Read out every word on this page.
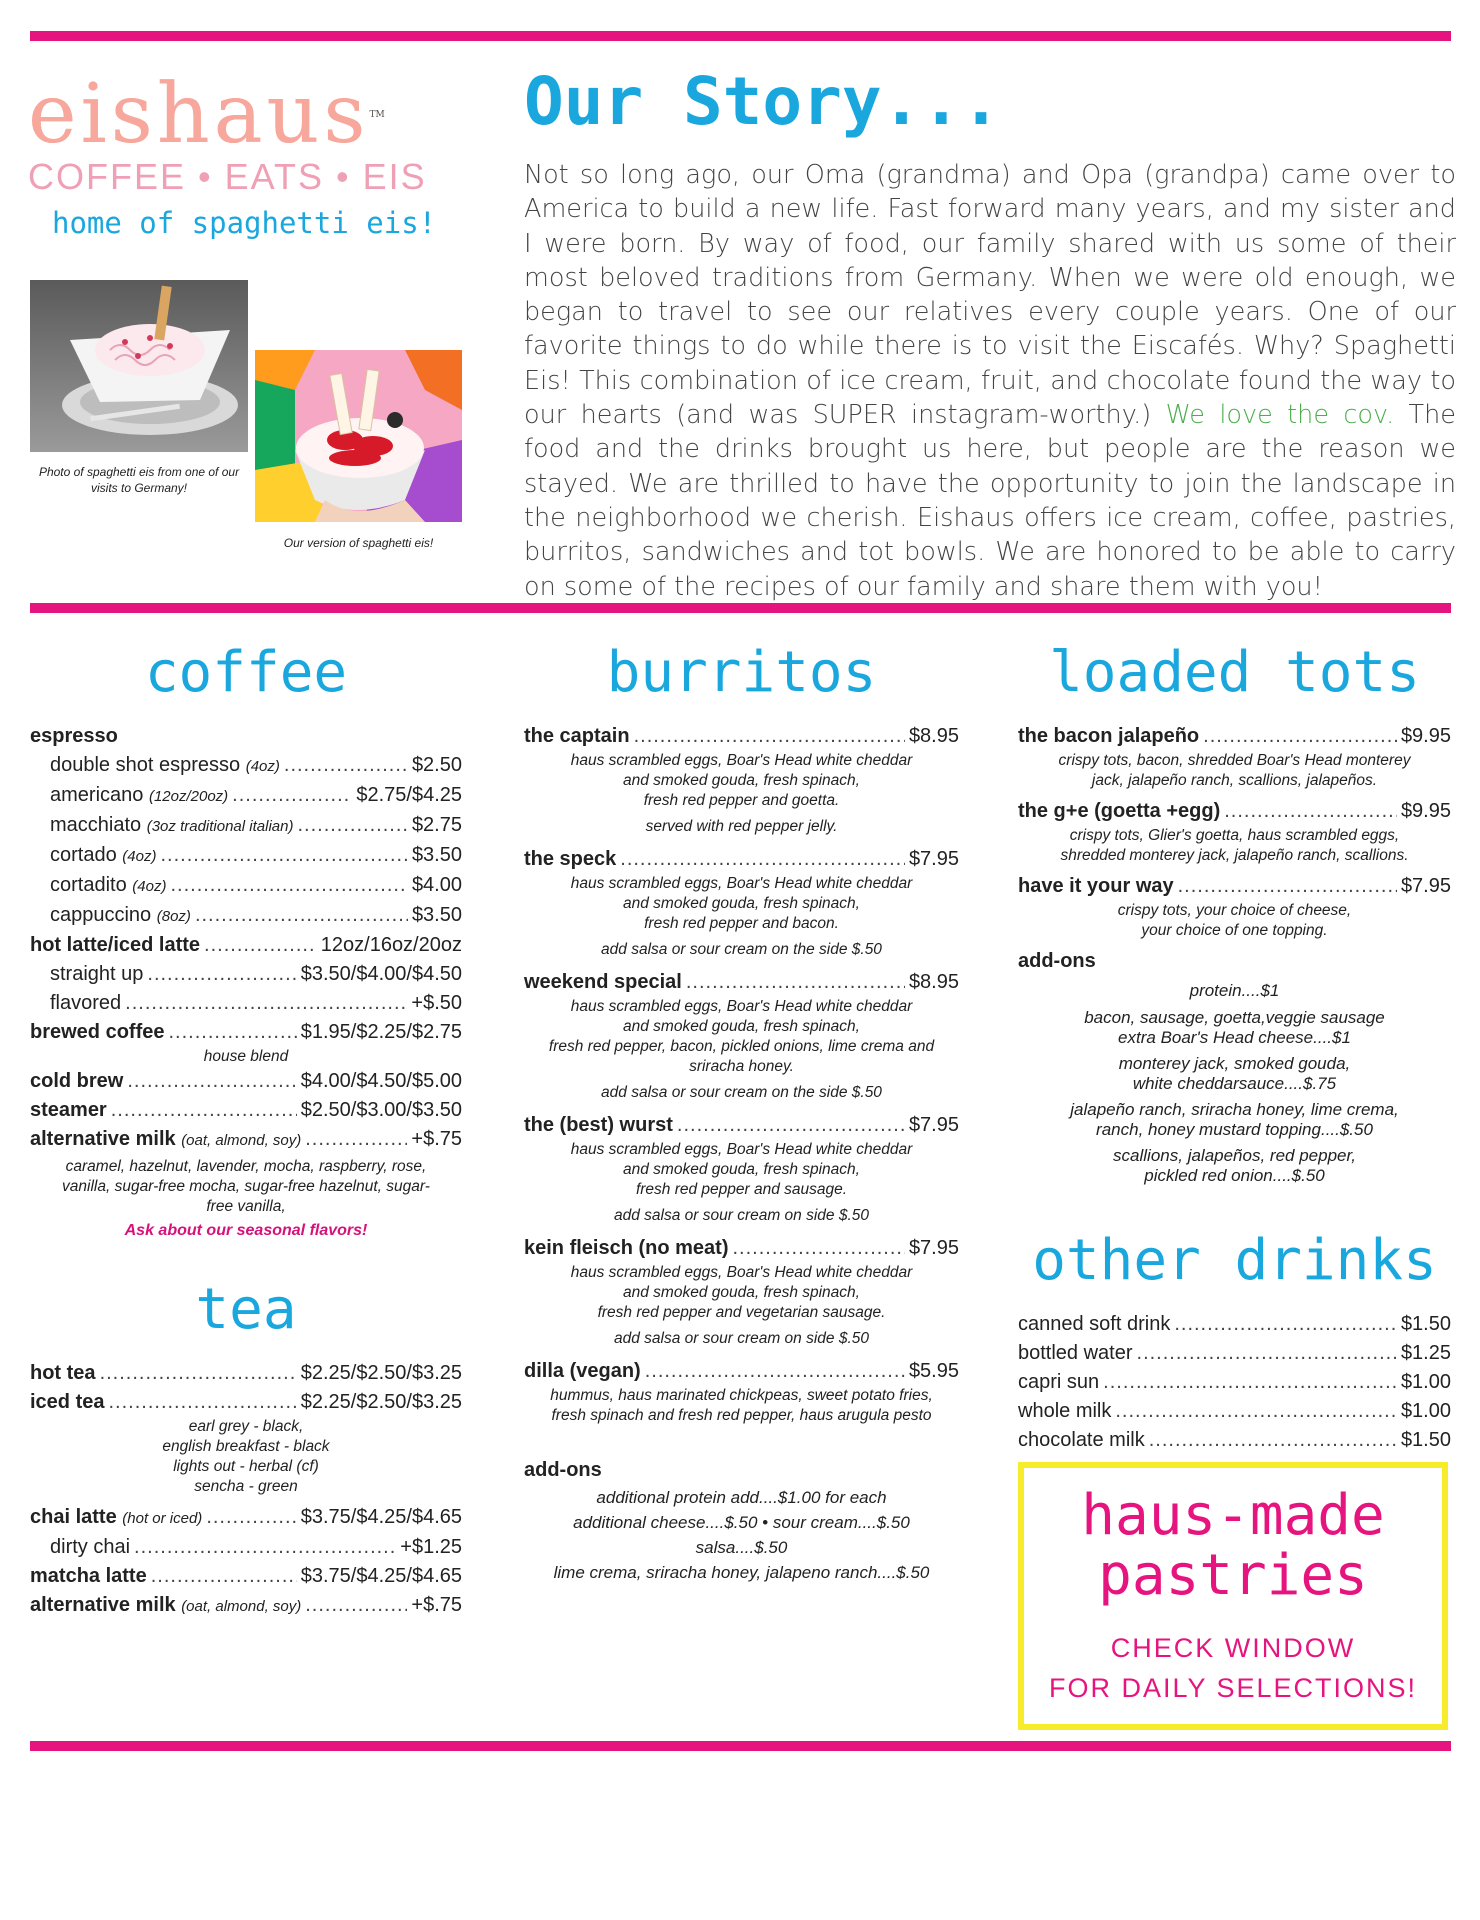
eishaus™
COFFEE • EATS • EIS
home of spaghetti eis!
Photo of spaghetti eis from one of our visits to Germany!
Our version of spaghetti eis!
Our Story...
Not so long ago, our Oma (grandma) and Opa (grandpa) came over to America to build a new life. Fast forward many years, and my sister and I were born. By way of food, our family shared with us some of their most beloved traditions from Germany. When we were old enough, we began to travel to see our relatives every couple years. One of our favorite things to do while there is to visit the Eiscafés. Why? Spaghetti Eis! This combination of ice cream, fruit, and chocolate found the way to our hearts (and was SUPER instagram-worthy.) We love the cov. The food and the drinks brought us here, but people are the reason we stayed. We are thrilled to have the opportunity to join the landscape in the neighborhood we cherish. Eishaus offers ice cream, coffee, pastries, burritos, sandwiches and tot bowls. We are honored to be able to carry on some of the recipes of our family and share them with you!
coffee
espresso
double shot espresso (4oz) .....	$2.50
americano (12oz/20oz) .....	$2.75/$4.25
macchiato (3oz traditional italian) .....	$2.75
cortado (4oz) .....	$3.50
cortadito (4oz) .....	$4.00
cappuccino (8oz) .....	$3.50
hot latte/iced latte .....	12oz/16oz/20oz
straight up .....	$3.50/$4.00/$4.50
flavored .....	+$.50
brewed coffee .....	$1.95/$2.25/$2.75
house blend
cold brew .....	$4.00/$4.50/$5.00
steamer .....	$2.50/$3.00/$3.50
alternative milk (oat, almond, soy) .....	+$.75
caramel, hazelnut, lavender, mocha, raspberry, rose, vanilla, sugar-free mocha, sugar-free hazelnut, sugar-free vanilla,
Ask about our seasonal flavors!
tea
hot tea .....	$2.25/$2.50/$3.25
iced tea .....	$2.25/$2.50/$3.25
earl grey - black,
english breakfast - black
lights out - herbal (cf)
sencha - green
chai latte (hot or iced) .....	$3.75/$4.25/$4.65
dirty chai .....	+$1.25
matcha latte .....	$3.75/$4.25/$4.65
alternative milk (oat, almond, soy) .....	+$.75
burritos
the captain .....	$8.95
haus scrambled eggs, Boar's Head white cheddar
and smoked gouda, fresh spinach,
fresh red pepper and goetta.
served with red pepper jelly.
the speck .....	$7.95
haus scrambled eggs, Boar's Head white cheddar
and smoked gouda, fresh spinach,
fresh red pepper and bacon.
add salsa or sour cream on the side $.50
weekend special .....	$8.95
haus scrambled eggs, Boar's Head white cheddar
and smoked gouda, fresh spinach,
fresh red pepper, bacon, pickled onions, lime crema and
sriracha honey.
add salsa or sour cream on the side $.50
the (best) wurst .....	$7.95
haus scrambled eggs, Boar's Head white cheddar
and smoked gouda, fresh spinach,
fresh red pepper and sausage.
add salsa or sour cream on side $.50
kein fleisch (no meat) .....	$7.95
haus scrambled eggs, Boar's Head white cheddar
and smoked gouda, fresh spinach,
fresh red pepper and vegetarian sausage.
add salsa or sour cream on side $.50
dilla (vegan) .....	$5.95
hummus, haus marinated chickpeas, sweet potato fries,
fresh spinach and fresh red pepper, haus arugula pesto
add-ons
additional protein add....$1.00 for each
additional cheese....$.50 • sour cream....$.50
salsa....$.50
lime crema, sriracha honey, jalapeno ranch....$.50
loaded tots
the bacon jalapeño .....	$9.95
crispy tots, bacon, shredded Boar's Head monterey
jack, jalapeño ranch, scallions, jalapeños.
the g+e (goetta +egg) .....	$9.95
crispy tots, Glier's goetta, haus scrambled eggs,
shredded monterey jack, jalapeño ranch, scallions.
have it your way .....	$7.95
crispy tots, your choice of cheese,
your choice of one topping.
add-ons
protein....$1
bacon, sausage, goetta,veggie sausage
extra Boar's Head cheese....$1
monterey jack, smoked gouda,
white cheddarsauce....$.75
jalapeño ranch, sriracha honey, lime crema,
ranch, honey mustard topping....$.50
scallions, jalapeños, red pepper,
pickled red onion....$.50
other drinks
canned soft drink .....	$1.50
bottled water .....	$1.25
capri sun .....	$1.00
whole milk .....	$1.00
chocolate milk .....	$1.50
haus-made
pastries
CHECK WINDOW
FOR DAILY SELECTIONS!
